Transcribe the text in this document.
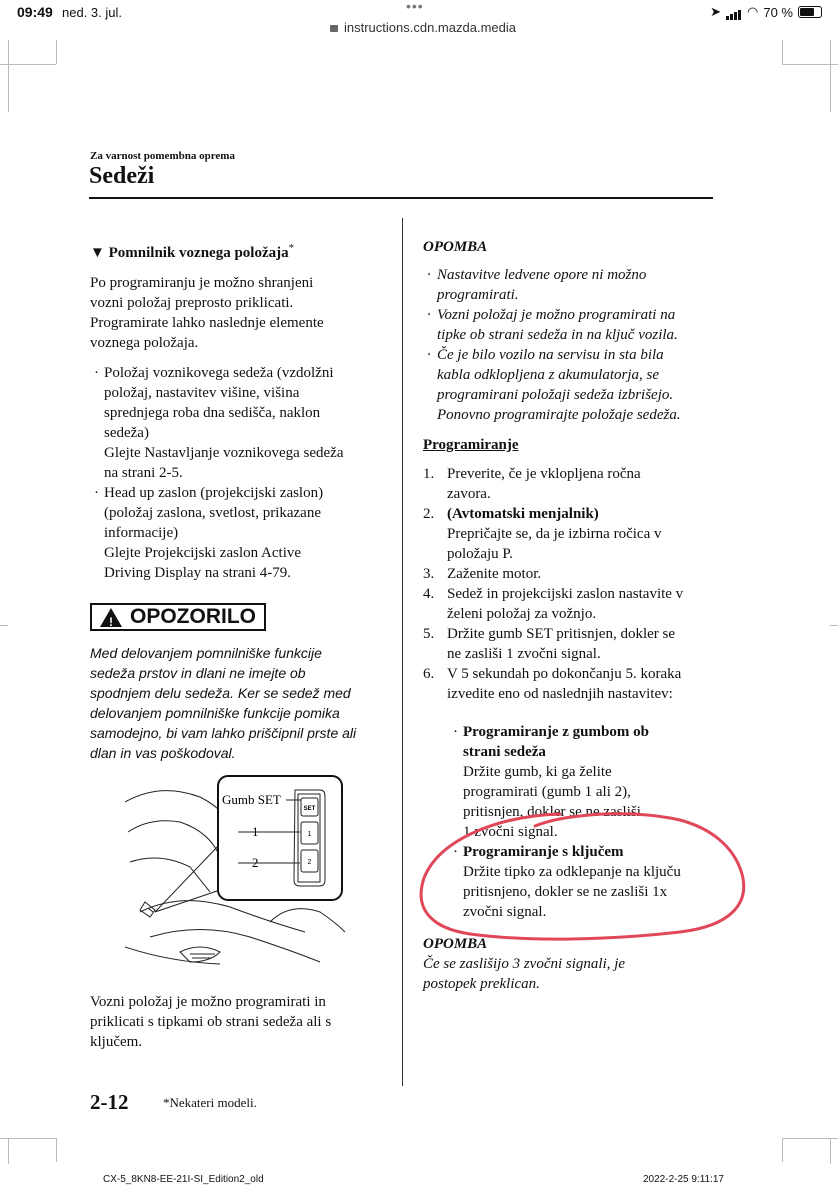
09:49 ned. 3. jul.	•••
instructions.cdn.mazda.media
➤ ◠ 70 %
Za varnost pomembna oprema
Sedeži
▼ Pomnilnik voznega položaja*
Po programiranju je možno shranjeni
vozni položaj preprosto priklicati.
Programirate lahko naslednje elemente
voznega položaja.
· Položaj voznikovega sedeža (vzdolžni
položaj, nastavitev višine, višina
sprednjega roba dna sedišča, naklon
sedeža)
Glejte Nastavljanje voznikovega sedeža
na strani 2-5.
· Head up zaslon (projekcijski zaslon)
(položaj zaslona, svetlost, prikazane
informacije)
Glejte Projekcijski zaslon Active
Driving Display na strani 4-79.
! OPOZORILO
Med delovanjem pomnilniške funkcije
sedeža prstov in dlani ne imejte ob
spodnjem delu sedeža. Ker se sedež med
delovanjem pomnilniške funkcije pomika
samodejno, bi vam lahko priščipnil prste ali
dlan in vas poškodoval.
SET
1
2
Gumb SET
1
2
Vozni položaj je možno programirati in
priklicati s tipkami ob strani sedeža ali s
ključem.
OPOMBA
· Nastavitve ledvene opore ni možno
programirati.
· Vozni položaj je možno programirati na
tipke ob strani sedeža in na ključ vozila.
· Če je bilo vozilo na servisu in sta bila
kabla odklopljena z akumulatorja, se
programirani položaji sedeža izbrišejo.
Ponovno programirajte položaje sedeža.
Programiranje
1. Preverite, če je vklopljena ročna
zavora.
2. (Avtomatski menjalnik)
Prepričajte se, da je izbirna ročica v
položaju P.
3. Zaženite motor.
4. Sedež in projekcijski zaslon nastavite v
želeni položaj za vožnjo.
5. Držite gumb SET pritisnjen, dokler se
ne zasliši 1 zvočni signal.
6. V 5 sekundah po dokončanju 5. koraka
izvedite eno od naslednjih nastavitev:
· Programiranje z gumbom ob
strani sedeža
Držite gumb, ki ga želite
programirati (gumb 1 ali 2),
pritisnjen, dokler se ne zasliši
1 zvočni signal.
· Programiranje s ključem
Držite tipko za odklepanje na ključu
pritisnjeno, dokler se ne zasliši 1x
zvočni signal.
OPOMBA
Če se zaslišijo 3 zvočni signali, je
postopek preklican.
2-12	*Nekateri modeli.
CX-5_8KN8-EE-21I-SI_Edition2_old	2022-2-25 9:11:17
